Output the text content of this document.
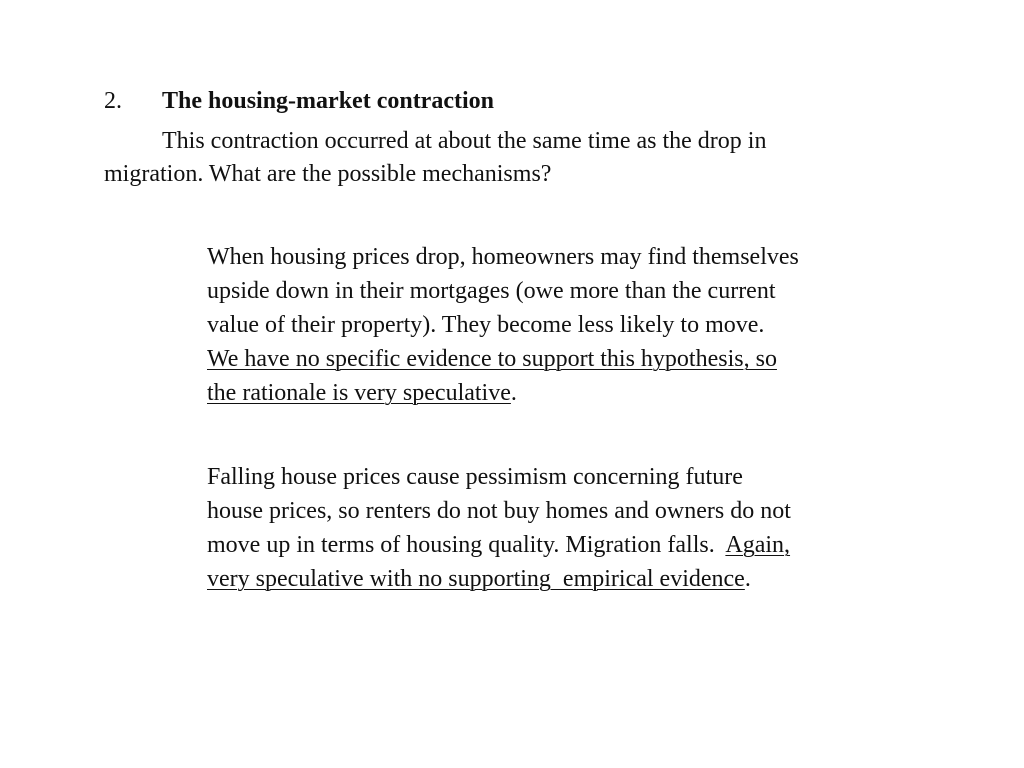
2. The housing-market contraction
This contraction occurred at about the same time as the drop in
migration. What are the possible mechanisms?
When housing prices drop, homeowners may find themselves
upside down in their mortgages (owe more than the current
value of their property). They become less likely to move.
We have no specific evidence to support this hypothesis, so
the rationale is very speculative.
Falling house prices cause pessimism concerning future
house prices, so renters do not buy homes and owners do not
move up in terms of housing quality. Migration falls.  Again,
very speculative with no supporting  empirical evidence.
